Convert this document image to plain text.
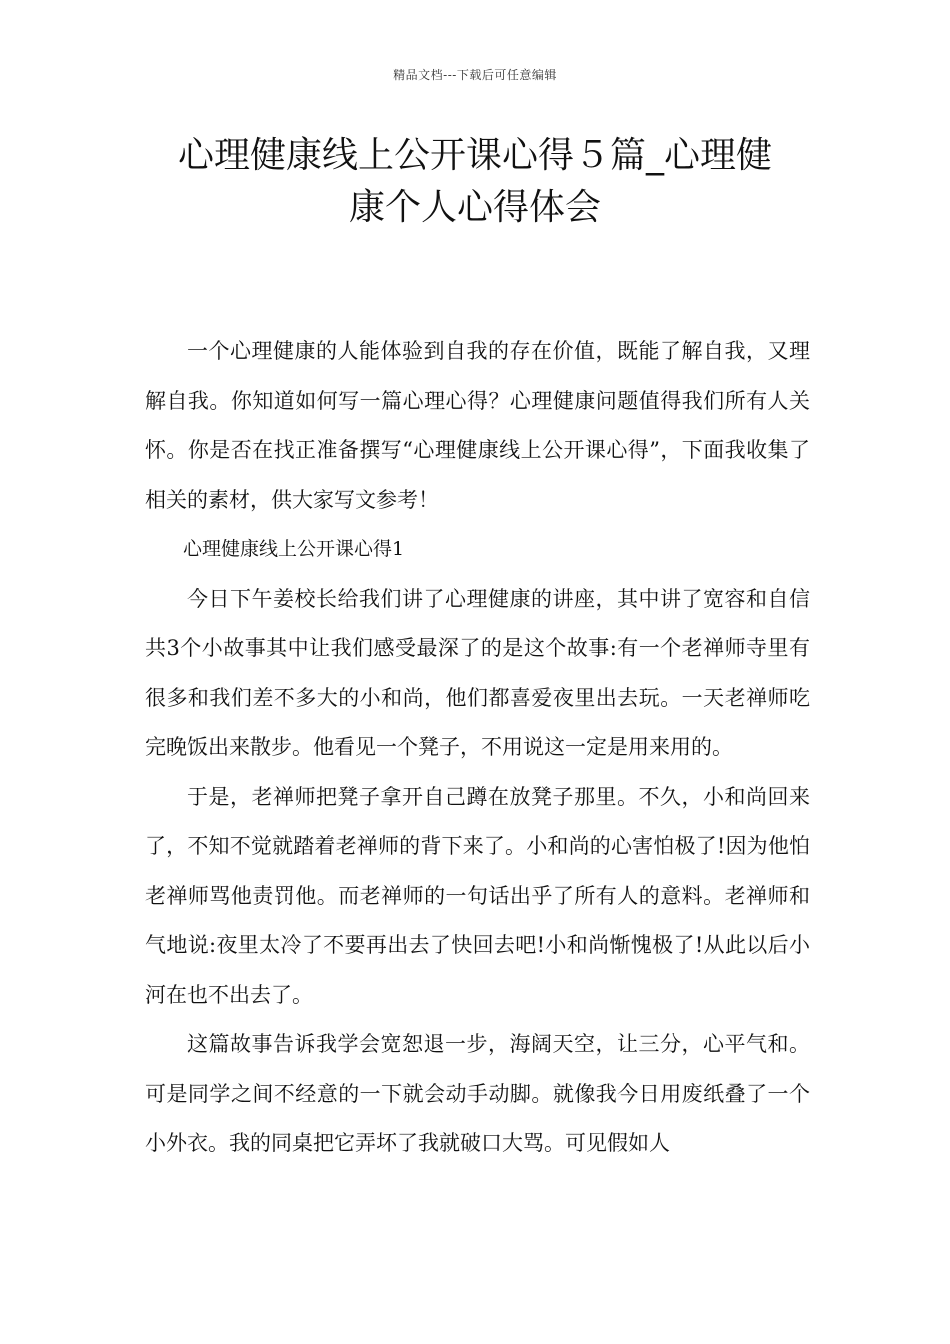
精品文档---下载后可任意编辑
心理健康线上公开课心得５篇_心理健
康个人心得体会

一个心理健康的人能体验到自我的存在价值，既能了解自我，又理解自我。你知道如何写一篇心理心得？心理健康问题值得我们所有人关怀。你是否在找正准备撰写“心理健康线上公开课心得”，下面我收集了相关的素材，供大家写文参考！

心理健康线上公开课心得1

今日下午姜校长给我们讲了心理健康的讲座，其中讲了宽容和自信共3个小故事其中让我们感受最深了的是这个故事:有一个老禅师寺里有很多和我们差不多大的小和尚，他们都喜爱夜里出去玩。一天老禅师吃完晚饭出来散步。他看见一个凳子，不用说这一定是用来用的。

于是，老禅师把凳子拿开自己蹲在放凳子那里。不久，小和尚回来了，不知不觉就踏着老禅师的背下来了。小和尚的心害怕极了!因为他怕老禅师骂他责罚他。而老禅师的一句话出乎了所有人的意料。老禅师和气地说:夜里太冷了不要再出去了快回去吧!小和尚惭愧极了!从此以后小河在也不出去了。

这篇故事告诉我学会宽恕退一步，海阔天空，让三分，心平气和。可是同学之间不经意的一下就会动手动脚。就像我今日用废纸叠了一个小外衣。我的同桌把它弄坏了我就破口大骂。可见假如人
